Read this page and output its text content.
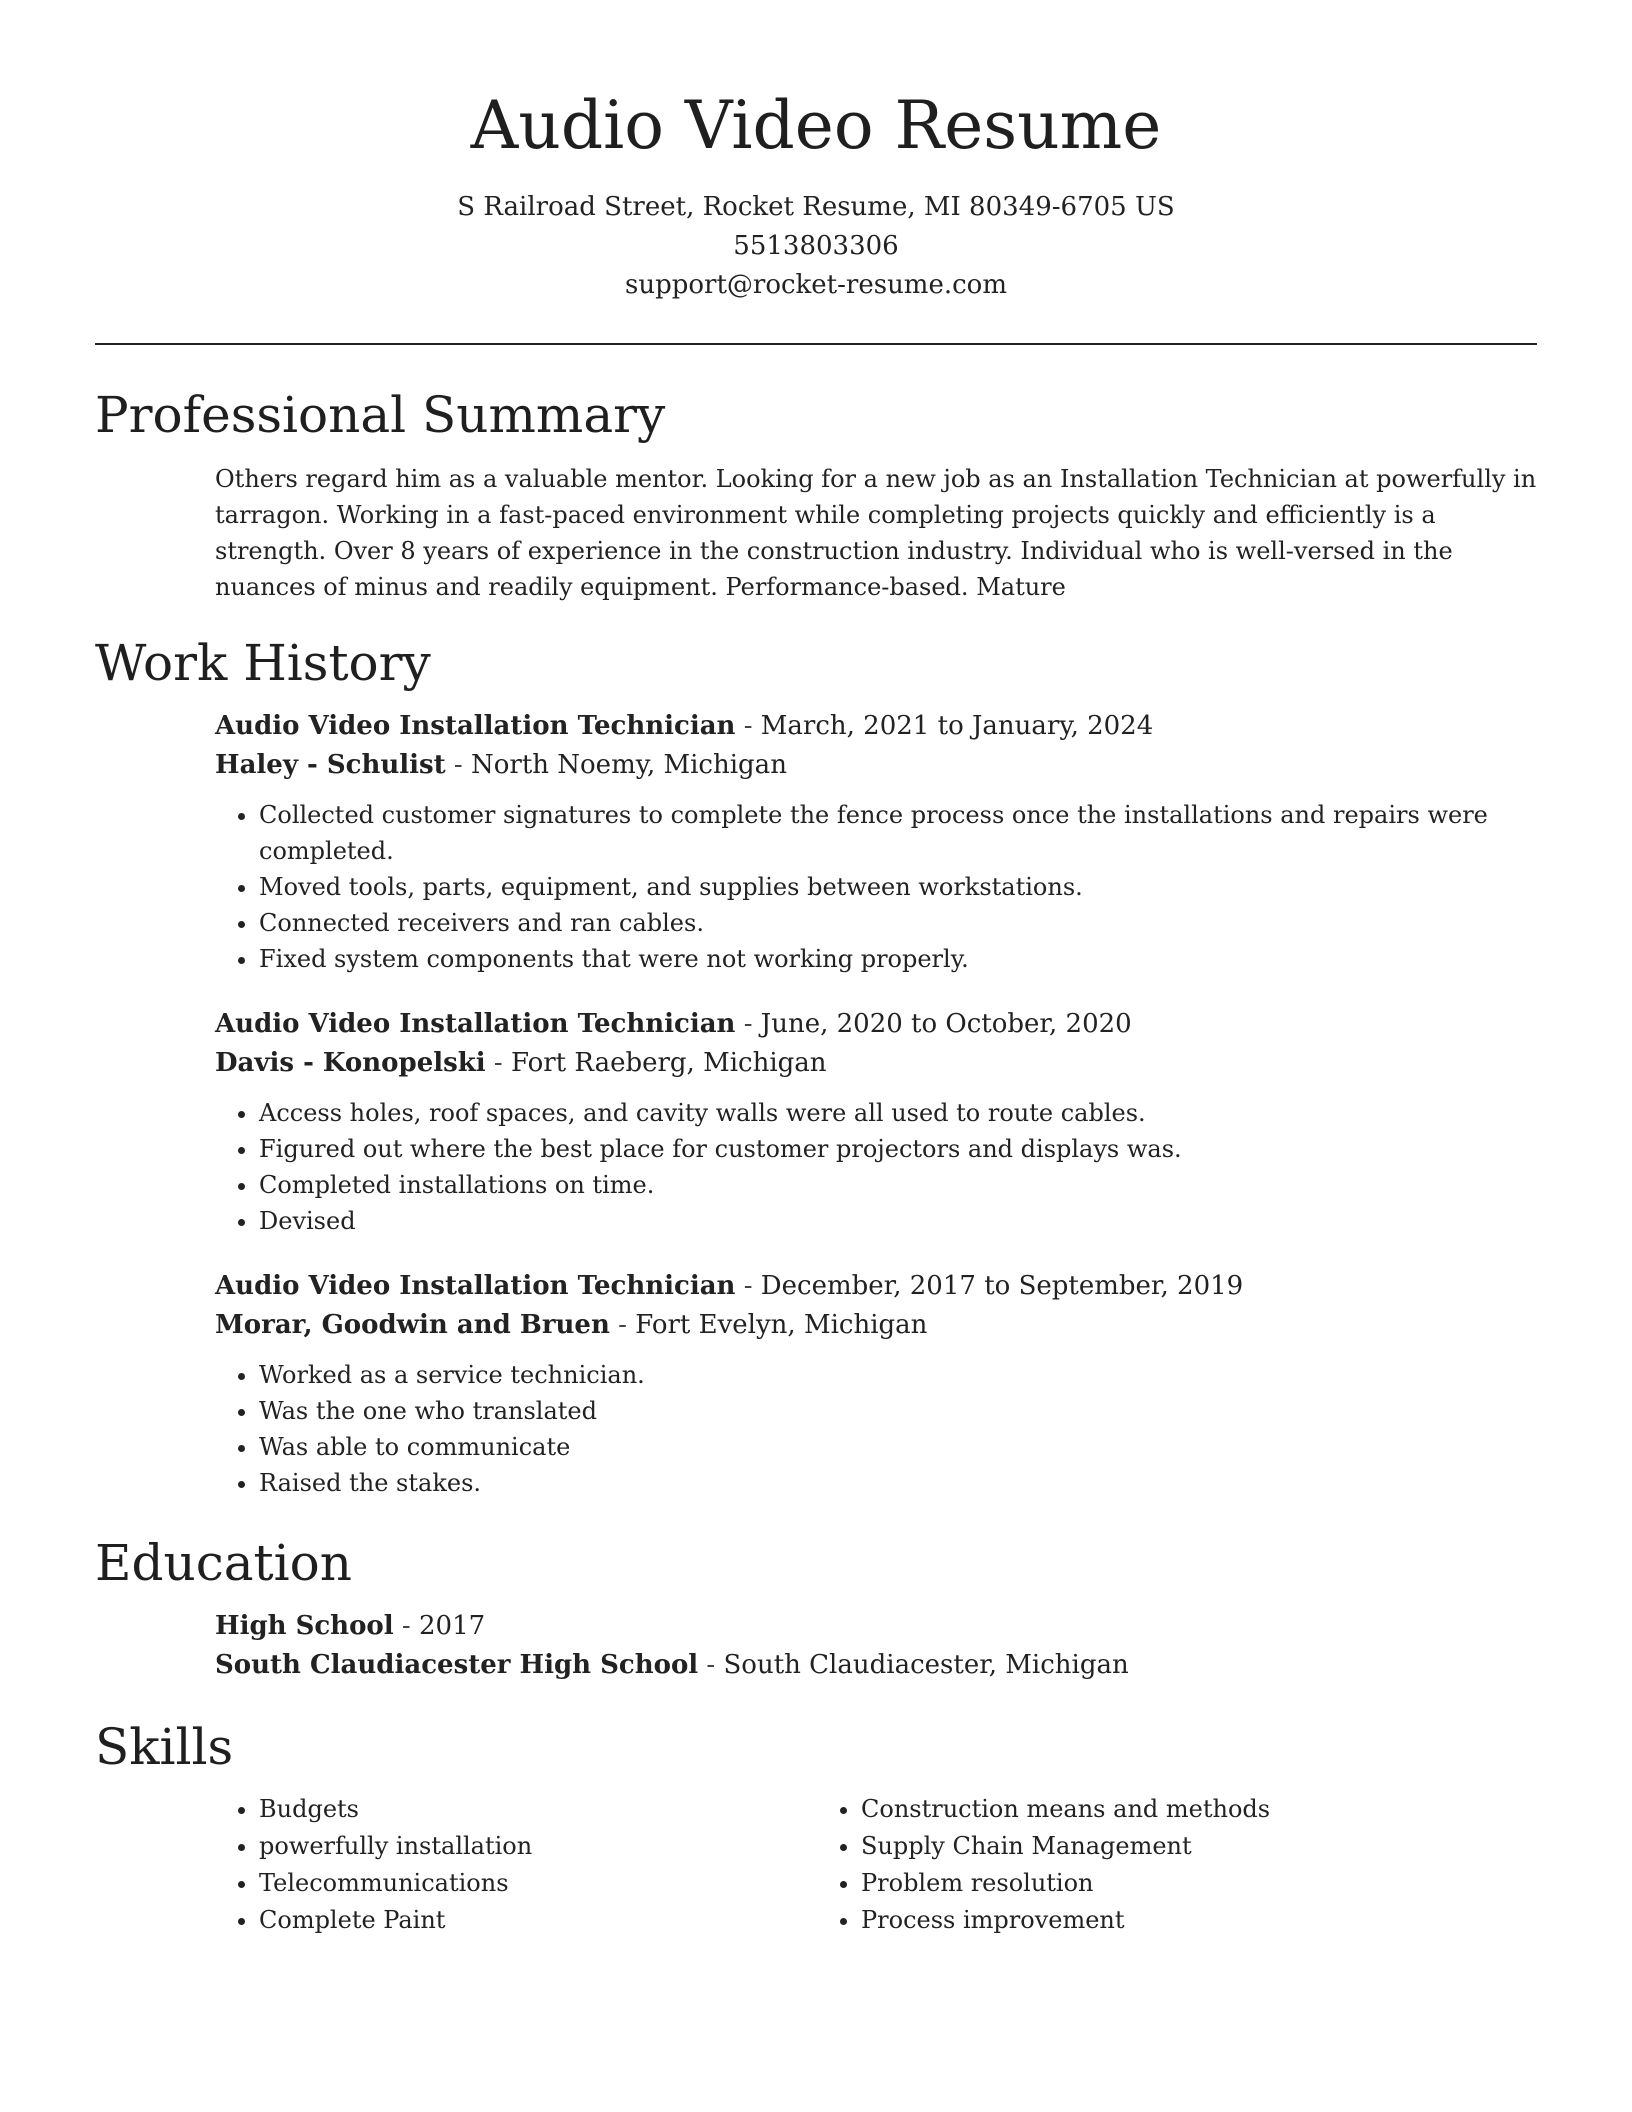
Audio Video Resume
S Railroad Street, Rocket Resume, MI 80349-6705 US
5513803306
support@rocket-resume.com
Professional Summary
Others regard him as a valuable mentor. Looking for a new job as an Installation Technician at powerfully in tarragon. Working in a fast-paced environment while completing projects quickly and efficiently is a strength. Over 8 years of experience in the construction industry. Individual who is well-versed in the nuances of minus and readily equipment. Performance-based. Mature
Work History
Audio Video Installation Technician - March, 2021 to January, 2024
Haley - Schulist - North Noemy, Michigan
• Collected customer signatures to complete the fence process once the installations and repairs were completed.
• Moved tools, parts, equipment, and supplies between workstations.
• Connected receivers and ran cables.
• Fixed system components that were not working properly.
Audio Video Installation Technician - June, 2020 to October, 2020
Davis - Konopelski - Fort Raeberg, Michigan
• Access holes, roof spaces, and cavity walls were all used to route cables.
• Figured out where the best place for customer projectors and displays was.
• Completed installations on time.
• Devised
Audio Video Installation Technician - December, 2017 to September, 2019
Morar, Goodwin and Bruen - Fort Evelyn, Michigan
• Worked as a service technician.
• Was the one who translated
• Was able to communicate
• Raised the stakes.
Education
High School - 2017
South Claudiacester High School - South Claudiacester, Michigan
Skills
• Budgets
• powerfully installation
• Telecommunications
• Complete Paint
• Construction means and methods
• Supply Chain Management
• Problem resolution
• Process improvement
